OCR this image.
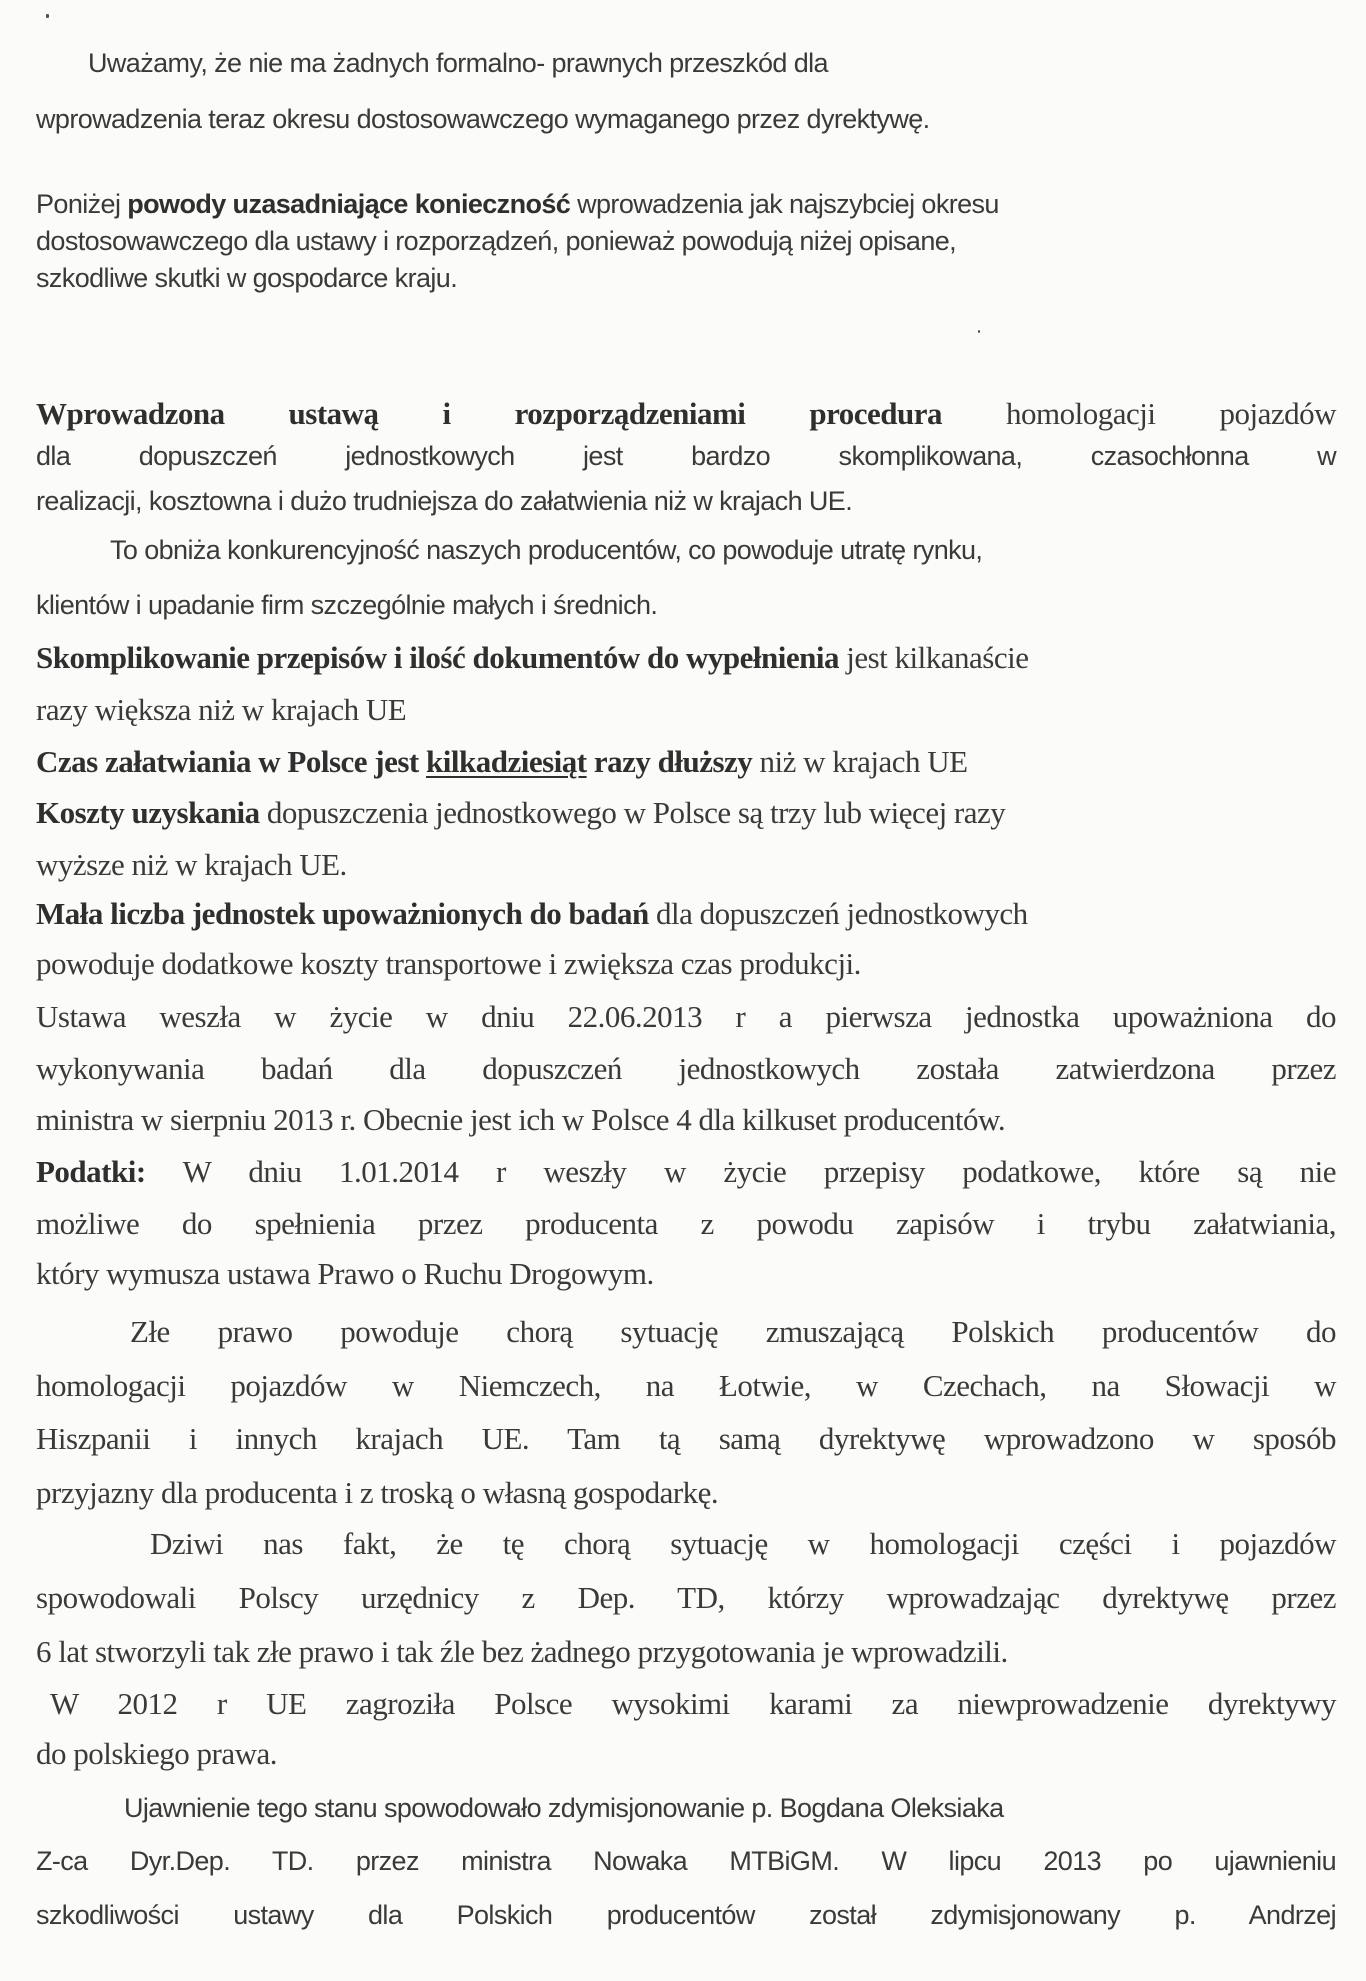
Uważamy, że nie ma żadnych formalno- prawnych przeszkód dla
wprowadzenia teraz okresu dostosowawczego wymaganego przez dyrektywę.
Poniżej powody uzasadniające konieczność wprowadzenia jak najszybciej okresu
dostosowawczego dla ustawy i rozporządzeń, ponieważ powodują niżej opisane,
szkodliwe skutki w gospodarce kraju.
Wprowadzona ustawą i rozporządzeniami procedura homologacji pojazdów
dla dopuszczeń jednostkowych jest bardzo skomplikowana, czasochłonna w
realizacji, kosztowna i dużo trudniejsza do załatwienia niż w krajach UE.
To obniża konkurencyjność naszych producentów, co powoduje utratę rynku,
klientów i upadanie firm szczególnie małych i średnich.
Skomplikowanie przepisów i ilość dokumentów do wypełnienia jest kilkanaście
razy większa niż w krajach UE
Czas załatwiania w Polsce jest kilkadziesiąt razy dłuższy niż w krajach UE
Koszty uzyskania dopuszczenia jednostkowego w Polsce są trzy lub więcej razy
wyższe niż w krajach UE.
Mała liczba jednostek upoważnionych do badań dla dopuszczeń jednostkowych
powoduje dodatkowe koszty transportowe i zwiększa czas produkcji.
Ustawa weszła w życie w dniu 22.06.2013 r a pierwsza jednostka upoważniona do
wykonywania badań dla dopuszczeń jednostkowych została zatwierdzona przez
ministra w sierpniu 2013 r. Obecnie jest ich w Polsce 4 dla kilkuset producentów.
Podatki: W dniu 1.01.2014 r weszły w życie przepisy podatkowe, które są nie
możliwe do spełnienia przez producenta z powodu zapisów i trybu załatwiania,
który wymusza ustawa Prawo o Ruchu Drogowym.
Złe prawo powoduje chorą sytuację zmuszającą Polskich producentów do
homologacji pojazdów w Niemczech, na Łotwie, w Czechach, na Słowacji w
Hiszpanii i innych krajach UE. Tam tą samą dyrektywę wprowadzono w sposób
przyjazny dla producenta i z troską o własną gospodarkę.
Dziwi nas fakt, że tę chorą sytuację w homologacji części i pojazdów
spowodowali Polscy urzędnicy z Dep. TD, którzy wprowadzając dyrektywę przez
6 lat stworzyli tak złe prawo i tak źle bez żadnego przygotowania je wprowadzili.
W 2012 r UE zagroziła Polsce wysokimi karami za niewprowadzenie dyrektywy
do polskiego prawa.
Ujawnienie tego stanu spowodowało zdymisjonowanie p. Bogdana Oleksiaka
Z-ca Dyr.Dep. TD. przez ministra Nowaka MTBiGM. W lipcu 2013 po ujawnieniu
szkodliwości ustawy dla Polskich producentów został zdymisjonowany p. Andrzej
